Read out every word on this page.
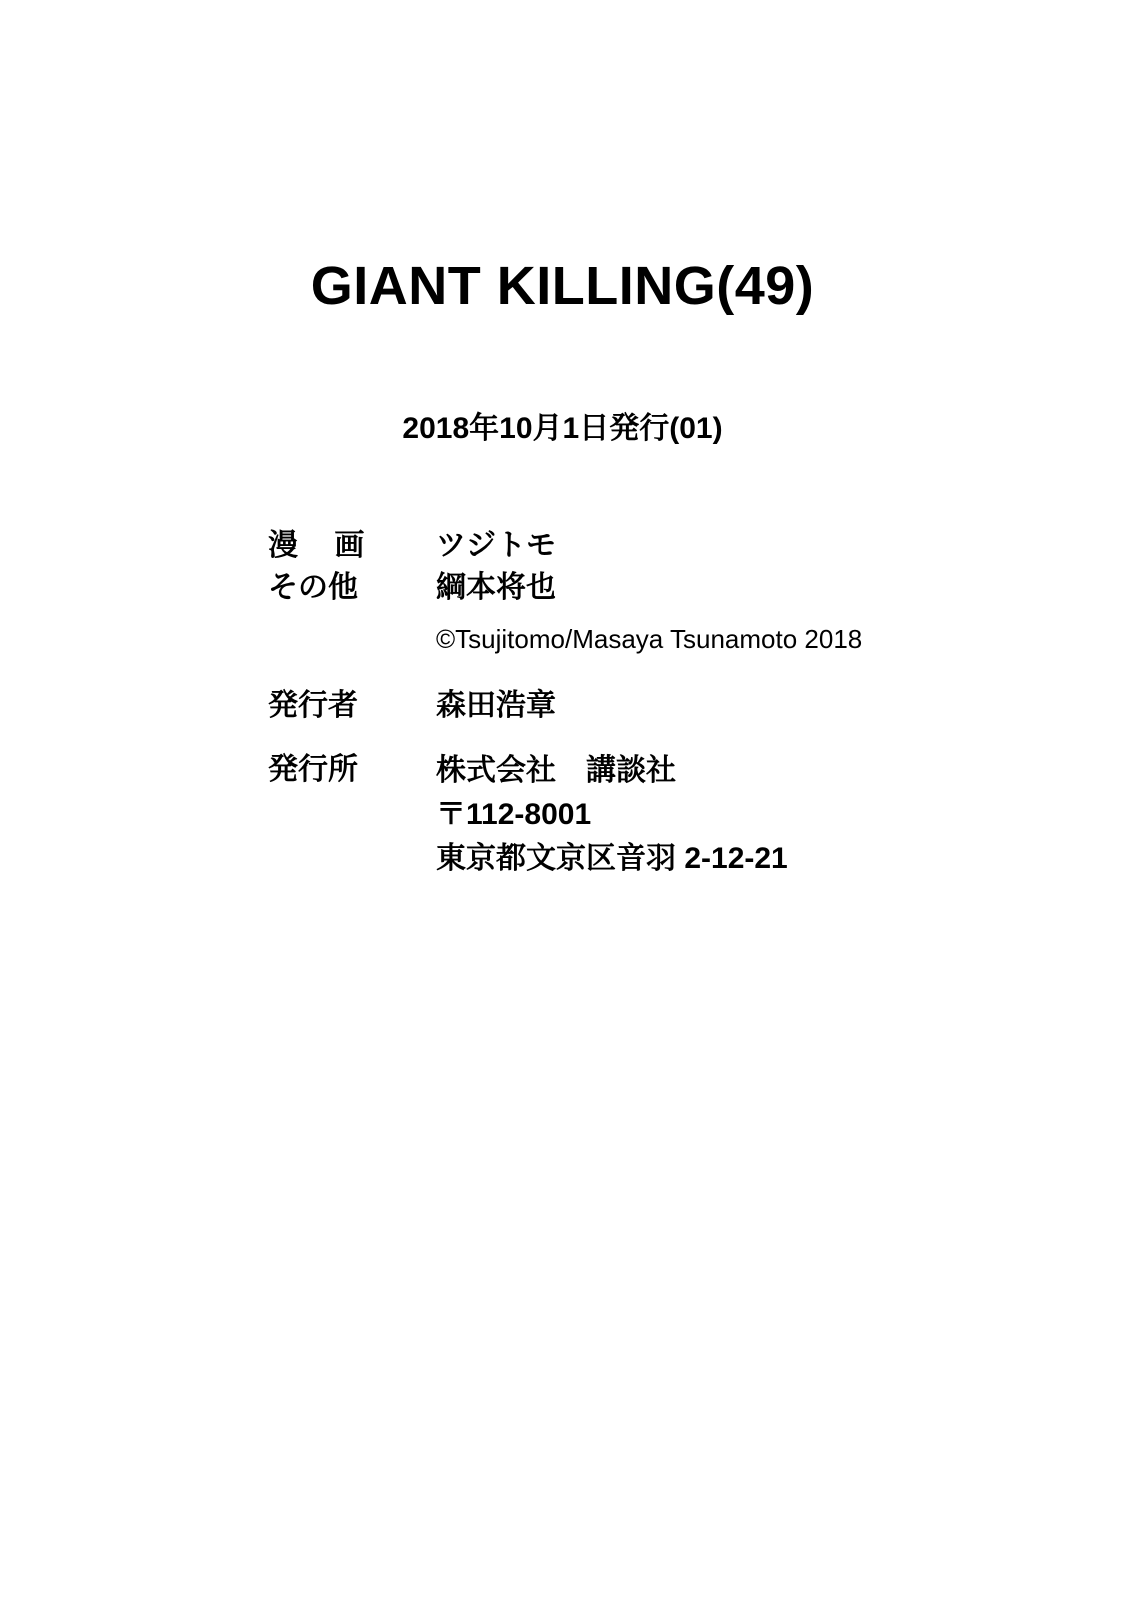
GIANT KILLING(49)
2018年10月1日発行(01)
漫 画	ツジトモ
その他	綱本将也
©Tsujitomo/Masaya Tsunamoto 2018
発行者	森田浩章
発行所	株式会社　講談社
〒112-8001
東京都文京区音羽 2-12-21
